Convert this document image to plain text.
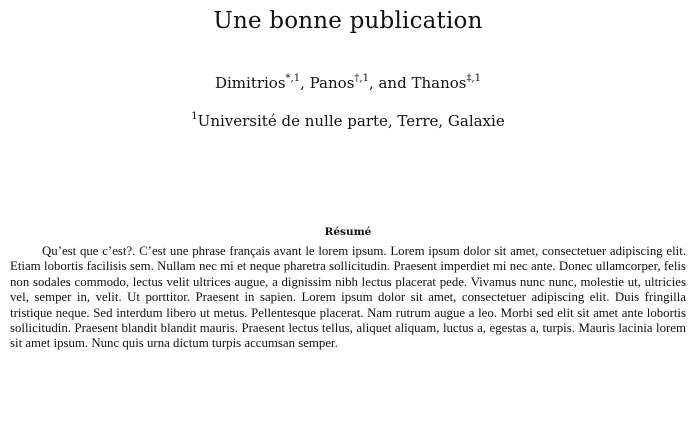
Une bonne publication
Dimitrios$^{*,1}$, Panos$^{\dagger,1}$, and Thanos$^{\ddagger,1}$
$^1$Université de nulle parte, Terre, Galaxie
Résumé

Qu’est que c’est?. C’est une phrase français avant le lorem ipsum. Lorem ipsum dolor sit amet, consectetuer adipiscing elit. Etiam lobortis facilisis sem. Nullam nec mi et neque pharetra sollicitudin. Praesent imperdiet mi nec ante. Donec ullamcorper, felis non sodales commodo, lectus velit ultrices augue, a dignissim nibh lectus placerat pede. Vivamus nunc nunc, molestie ut, ultricies vel, semper in, velit. Ut porttitor. Praesent in sapien. Lorem ipsum dolor sit amet, consectetuer adipiscing elit. Duis fringilla tristique neque. Sed interdum libero ut metus. Pellentesque placerat. Nam rutrum augue a leo. Morbi sed elit sit amet ante lobortis sollicitudin. Praesent blandit blandit mauris. Praesent lectus tellus, aliquet aliquam, luctus a, egestas a, turpis. Mauris lacinia lorem sit amet ipsum. Nunc quis urna dictum turpis accumsan semper.
